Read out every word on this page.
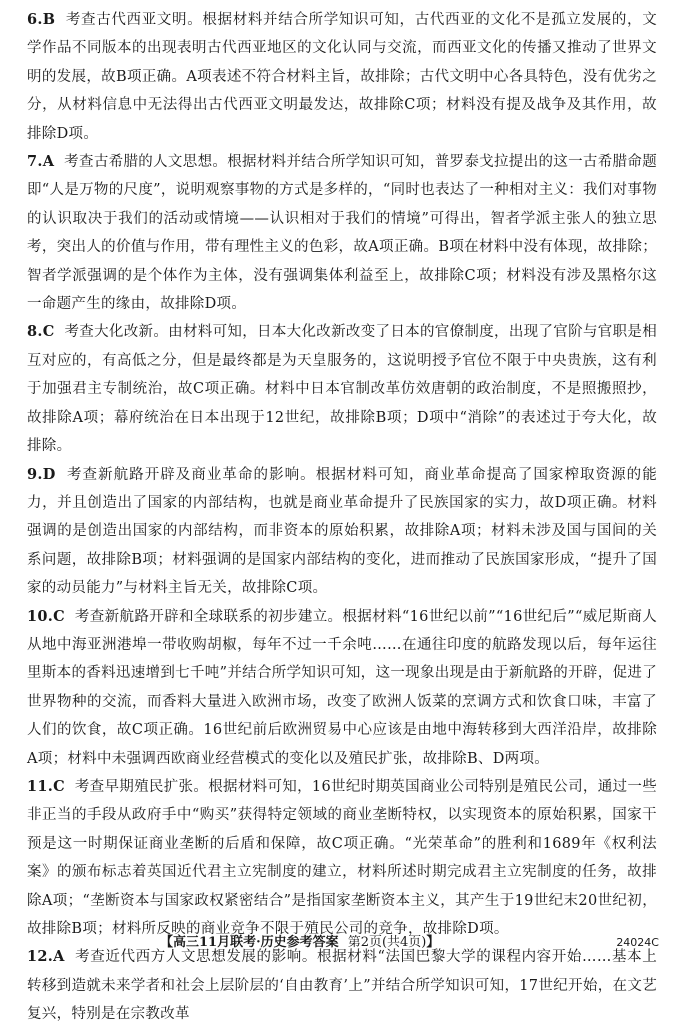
6.B 考查古代西亚文明。根据材料并结合所学知识可知，古代西亚的文化不是孤立发展的，文学作品不同版本的出现表明古代西亚地区的文化认同与交流，而西亚文化的传播又推动了世界文明的发展，故B项正确。A项表述不符合材料主旨，故排除；古代文明中心各具特色，没有优劣之分，从材料信息中无法得出古代西亚文明最发达，故排除C项；材料没有提及战争及其作用，故排除D项。

7.A 考查古希腊的人文思想。根据材料并结合所学知识可知，普罗泰戈拉提出的这一古希腊命题即“人是万物的尺度”，说明观察事物的方式是多样的，“同时也表达了一种相对主义：我们对事物的认识取决于我们的活动或情境——认识相对于我们的情境”可得出，智者学派主张人的独立思考，突出人的价值与作用，带有理性主义的色彩，故A项正确。B项在材料中没有体现，故排除；智者学派强调的是个体作为主体，没有强调集体利益至上，故排除C项；材料没有涉及黑格尔这一命题产生的缘由，故排除D项。

8.C 考查大化改新。由材料可知，日本大化改新改变了日本的官僚制度，出现了官阶与官职是相互对应的，有高低之分，但是最终都是为天皇服务的，这说明授予官位不限于中央贵族，这有利于加强君主专制统治，故C项正确。材料中日本官制改革仿效唐朝的政治制度，不是照搬照抄，故排除A项；幕府统治在日本出现于12世纪，故排除B项；D项中“消除”的表述过于夸大化，故排除。

9.D 考查新航路开辟及商业革命的影响。根据材料可知，商业革命提高了国家榨取资源的能力，并且创造出了国家的内部结构，也就是商业革命提升了民族国家的实力，故D项正确。材料强调的是创造出国家的内部结构，而非资本的原始积累，故排除A项；材料未涉及国与国间的关系问题，故排除B项；材料强调的是国家内部结构的变化，进而推动了民族国家形成，“提升了国家的动员能力”与材料主旨无关，故排除C项。

10.C 考查新航路开辟和全球联系的初步建立。根据材料“16世纪以前”“16世纪后”“威尼斯商人从地中海亚洲港埠一带收购胡椒，每年不过一千余吨……在通往印度的航路发现以后，每年运往里斯本的香料迅速增到七千吨”并结合所学知识可知，这一现象出现是由于新航路的开辟，促进了世界物种的交流，而香料大量进入欧洲市场，改变了欧洲人饭菜的烹调方式和饮食口味，丰富了人们的饮食，故C项正确。16世纪前后欧洲贸易中心应该是由地中海转移到大西洋沿岸，故排除A项；材料中未强调西欧商业经营模式的变化以及殖民扩张，故排除B、D两项。

11.C 考查早期殖民扩张。根据材料可知，16世纪时期英国商业公司特别是殖民公司，通过一些非正当的手段从政府手中“购买”获得特定领域的商业垄断特权，以实现资本的原始积累，国家干预是这一时期保证商业垄断的后盾和保障，故C项正确。“光荣革命”的胜利和1689年《权利法案》的颁布标志着英国近代君主立宪制度的建立，材料所述时期完成君主立宪制度的任务，故排除A项；“垄断资本与国家政权紧密结合”是指国家垄断资本主义，其产生于19世纪末20世纪初，故排除B项；材料所反映的商业竞争不限于殖民公司的竞争，故排除D项。

12.A 考查近代西方人文思想发展的影响。根据材料“法国巴黎大学的课程内容开始……基本上转移到造就未来学者和社会上层阶层的‘自由教育’上”并结合所学知识可知，17世纪开始，在文艺复兴，特别是在宗教改革

【高三11月联考·历史参考答案 第2页(共4页)】	24024C
